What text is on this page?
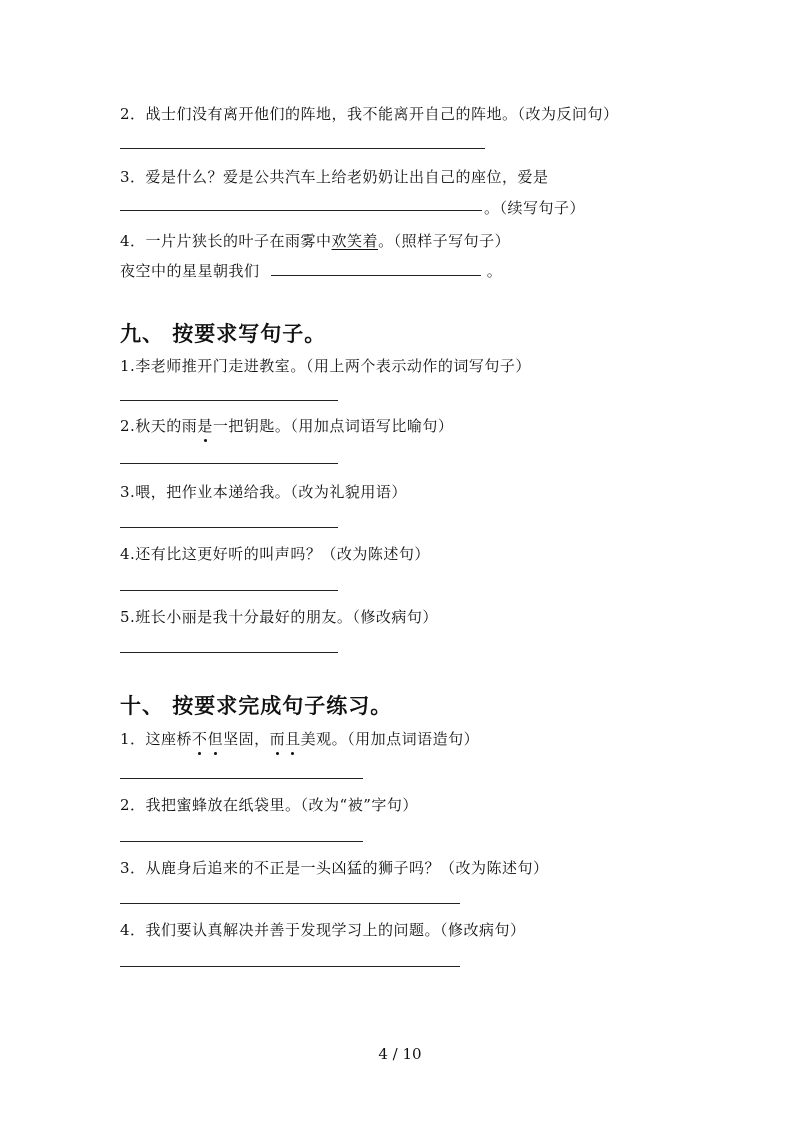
2．战士们没有离开他们的阵地，我不能离开自己的阵地。（改为反问句）
3．爱是什么？爱是公共汽车上给老奶奶让出自己的座位，爱是
。（续写句子）
4．一片片狭长的叶子在雨雾中欢笑着。（照样子写句子）
夜空中的星星朝我们	。
九、 按要求写句子。
1.李老师推开门走进教室。（用上两个表示动作的词写句子）
2.秋天的雨是一把钥匙。（用加点词语写比喻句）
3.喂，把作业本递给我。（改为礼貌用语）
4.还有比这更好听的叫声吗？（改为陈述句）
5.班长小丽是我十分最好的朋友。（修改病句）
十、 按要求完成句子练习。
1．这座桥不但坚固，而且美观。（用加点词语造句）
2．我把蜜蜂放在纸袋里。（改为“被”字句）
3．从鹿身后追来的不正是一头凶猛的狮子吗？（改为陈述句）
4．我们要认真解决并善于发现学习上的问题。（修改病句）
4 / 10
